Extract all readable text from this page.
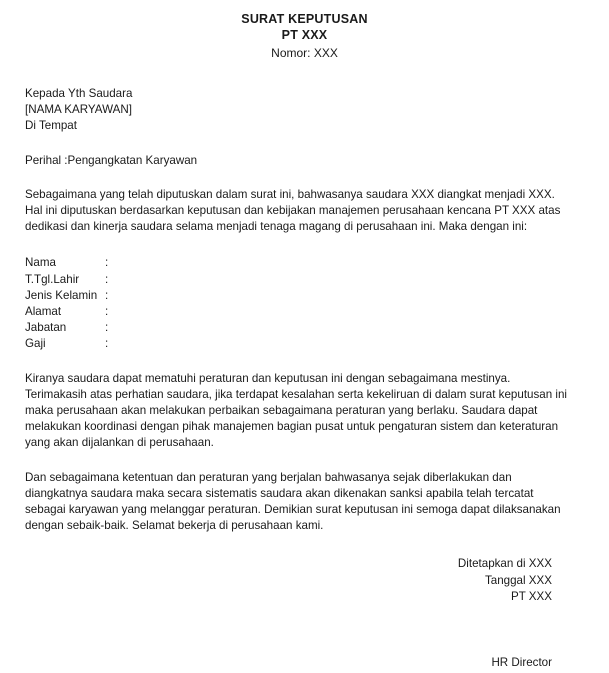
SURAT KEPUTUSAN
PT XXX
Nomor: XXX
Kepada Yth Saudara
[NAMA KARYAWAN]
Di Tempat
Perihal :Pengangkatan Karyawan
Sebagaimana yang telah diputuskan dalam surat ini, bahwasanya saudara XXX diangkat menjadi XXX. Hal ini diputuskan berdasarkan keputusan dan kebijakan manajemen perusahaan kencana PT XXX atas dedikasi dan kinerja saudara selama menjadi tenaga magang di perusahaan ini. Maka dengan ini:
Nama	:
T.Tgl.Lahir	:
Jenis Kelamin :
Alamat	:
Jabatan	:
Gaji	:
Kiranya saudara dapat mematuhi peraturan dan keputusan ini dengan sebagaimana mestinya. Terimakasih atas perhatian saudara, jika terdapat kesalahan serta kekeliruan di dalam surat keputusan ini maka perusahaan akan melakukan perbaikan sebagaimana peraturan yang berlaku. Saudara dapat melakukan koordinasi dengan pihak manajemen bagian pusat untuk pengaturan sistem dan keteraturan yang akan dijalankan di perusahaan.
Dan sebagaimana ketentuan dan peraturan yang berjalan bahwasanya sejak diberlakukan dan diangkatnya saudara maka secara sistematis saudara akan dikenakan sanksi apabila telah tercatat sebagai karyawan yang melanggar peraturan. Demikian surat keputusan ini semoga dapat dilaksanakan dengan sebaik-baik. Selamat bekerja di perusahaan kami.
Ditetapkan di XXX
Tanggal XXX
PT XXX
HR Director
